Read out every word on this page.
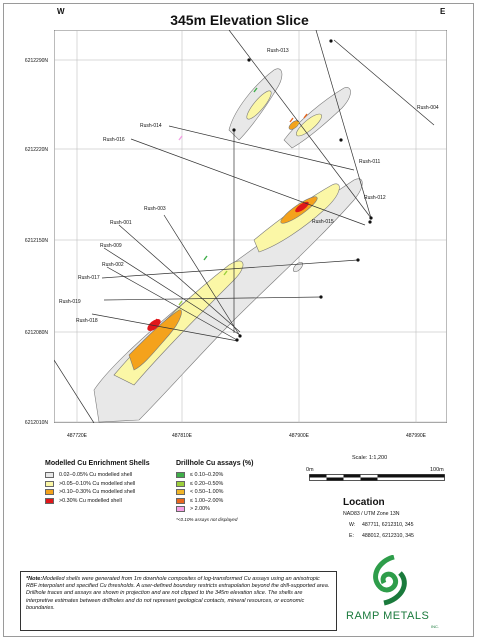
W	E
345m Elevation Slice
Rush-013
Rush-004
Rush-014
Rush-016
Rush-011
Rush-012
Rush-003
Rush-015
Rush-001
Rush-009
Rush-002
Rush-017
Rush-019
Rush-018
6212290N
6212220N
6212150N
6212080N
6212010N
487720E	487810E	487900E	487990E
Modelled Cu Enrichment Shells
0.02–0.05% Cu modelled shell
>0.05–0.10% Cu modelled shell
>0.10–0.30% Cu modelled shell
>0.30% Cu modelled shell
Drillhole Cu assays (%)
≤ 0.10–0.20%
≤ 0.20–0.50%
< 0.50–1.00%
≤ 1.00–2.00%
> 2.00%
*<0.10% assays not displayed
Scale: 1:1,200
0m	100m
Location
NAD83 / UTM Zone 13N
W: 487711, 6212310, 345
E: 488012, 6212310, 345
*Note:Modelled shells were generated from 1m downhole composites of log-transformed Cu assays using an anisotropic RBF interpolant and specified Cu thresholds. A user-defined boundary restricts extrapolation beyond the drill-supported area. Drillhole traces and assays are shown in projection and are not clipped to the 345m elevation slice. The shells are interpretive estimates between drillholes and do not represent geological contacts, mineral resources, or economic boundaries.
RAMP METALS
INC.
